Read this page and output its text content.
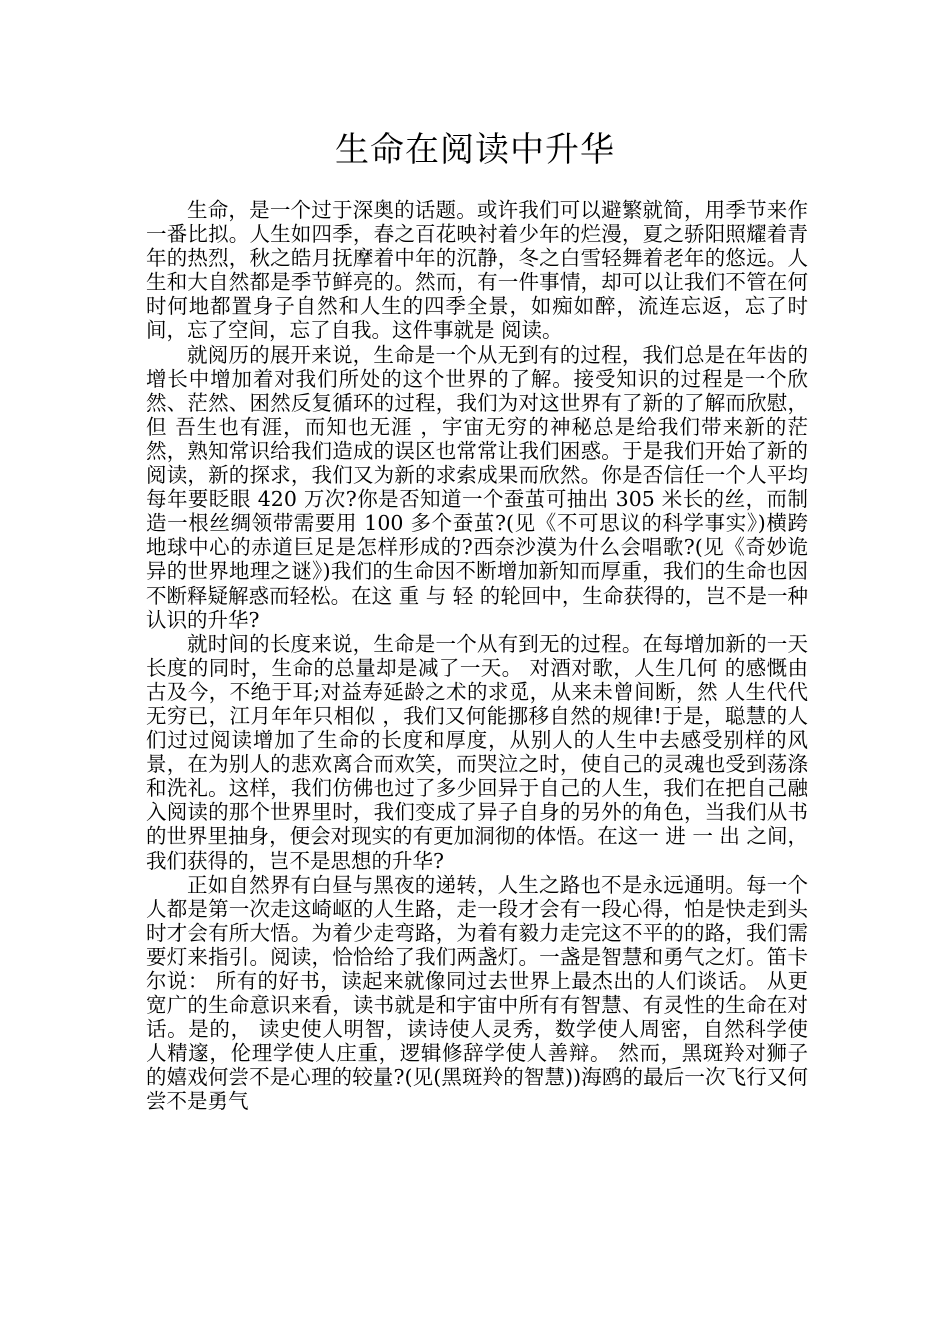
生命在阅读中升华

生命，是一个过于深奥的话题。或许我们可以避繁就简，用季节来作一番比拟。人生如四季，春之百花映衬着少年的烂漫，夏之骄阳照耀着青年的热烈，秋之皓月抚摩着中年的沉静，冬之白雪轻舞着老年的悠远。人生和大自然都是季节鲜亮的。然而，有一件事情，却可以让我们不管在何时何地都置身子自然和人生的四季全景，如痴如醉，流连忘返，忘了时间，忘了空间，忘了自我。这件事就是 阅读。

就阅历的展开来说，生命是一个从无到有的过程，我们总是在年齿的增长中增加着对我们所处的这个世界的了解。接受知识的过程是一个欣然、茫然、困然反复循环的过程，我们为对这世界有了新的了解而欣慰，但 吾生也有涯，而知也无涯 ，宇宙无穷的神秘总是给我们带来新的茫然，熟知常识给我们造成的误区也常常让我们困惑。于是我们开始了新的阅读，新的探求，我们又为新的求索成果而欣然。你是否信任一个人平均每年要眨眼 420 万次?你是否知道一个蚕茧可抽出 305 米长的丝，而制造一根丝绸领带需要用 100 多个蚕茧?(见《不可思议的科学事实》)横跨地球中心的赤道巨足是怎样形成的?西奈沙漠为什么会唱歌?(见《奇妙诡异的世界地理之谜》)我们的生命因不断增加新知而厚重，我们的生命也因不断释疑解惑而轻松。在这 重 与 轻 的轮回中，生命获得的，岂不是一种认识的升华?

就时间的长度来说，生命是一个从有到无的过程。在每增加新的一天长度的同时，生命的总量却是减了一天。 对酒对歌，人生几何 的感慨由古及今，不绝于耳;对益寿延龄之术的求觅，从来未曾间断，然 人生代代无穷已，江月年年只相似 ，我们又何能挪移自然的规律!于是，聪慧的人们过过阅读增加了生命的长度和厚度，从别人的人生中去感受别样的风景，在为别人的悲欢离合而欢笑，而哭泣之时，使自己的灵魂也受到荡涤和洗礼。这样，我们仿佛也过了多少回异于自己的人生，我们在把自己融入阅读的那个世界里时，我们变成了异子自身的另外的角色，当我们从书的世界里抽身，便会对现实的有更加洞彻的体悟。在这一 进 一 出 之间，我们获得的，岂不是思想的升华?

正如自然界有白昼与黑夜的递转，人生之路也不是永远通明。每一个人都是第一次走这崎岖的人生路，走一段才会有一段心得，怕是快走到头时才会有所大悟。为着少走弯路，为着有毅力走完这不平的的路，我们需要灯来指引。阅读，恰恰给了我们两盏灯。一盏是智慧和勇气之灯。笛卡尔说： 所有的好书，读起来就像同过去世界上最杰出的人们谈话。 从更宽广的生命意识来看，读书就是和宇宙中所有有智慧、有灵性的生命在对话。是的， 读史使人明智，读诗使人灵秀，数学使人周密，自然科学使人精邃，伦理学使人庄重，逻辑修辞学使人善辩。 然而，黑斑羚对狮子的嬉戏何尝不是心理的较量?(见(黑斑羚的智慧))海鸥的最后一次飞行又何尝不是勇气
